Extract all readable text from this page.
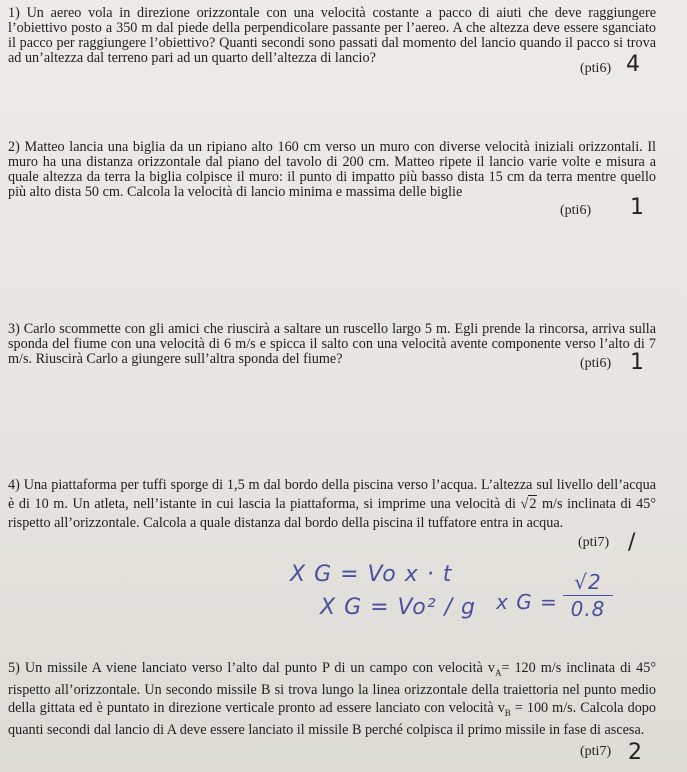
1) Un aereo vola in direzione orizzontale con una velocità costante a pacco di aiuti che deve raggiungere l’obiettivo posto a 350 m dal piede della perpendicolare passante per l’aereo. A che altezza deve essere sganciato il pacco per raggiungere l’obiettivo? Quanti secondi sono passati dal momento del lancio quando il pacco si trova ad un’altezza dal terreno pari ad un quarto dell’altezza di lancio?

(pti6) 4

2) Matteo lancia una biglia da un ripiano alto 160 cm verso un muro con diverse velocità iniziali orizzontali. Il muro ha una distanza orizzontale dal piano del tavolo di 200 cm. Matteo ripete il lancio varie volte e misura a quale altezza da terra la biglia colpisce il muro: il punto di impatto più basso dista 15 cm da terra mentre quello più alto dista 50 cm. Calcola la velocità di lancio minima e massima delle biglie

(pti6) 1

3) Carlo scommette con gli amici che riuscirà a saltare un ruscello largo 5 m. Egli prende la rincorsa, arriva sulla sponda del fiume con una velocità di 6 m/s e spicca il salto con una velocità avente componente verso l’alto di 7 m/s. Riuscirà Carlo a giungere sull’altra sponda del fiume?	(pti6) 1

4) Una piattaforma per tuffi sporge di 1,5 m dal bordo della piscina verso l’acqua. L’altezza sul livello dell’acqua è di 10 m. Un atleta, nell’istante in cui lascia la piattaforma, si imprime una velocità di √2 m/s inclinata di 45° rispetto all’orizzontale. Calcola a quale distanza dal bordo della piscina il tuffatore entra in acqua.

(pti7) /
X G = Vo x · t
X G = Vo² / g x G =
√2
0.8

5) Un missile A viene lanciato verso l’alto dal punto P di un campo con velocità $v_A= 120$ m/s inclinata di 45° rispetto all’orizzontale. Un secondo missile B si trova lungo la linea orizzontale della traiettoria nel punto medio della gittata ed è puntato in direzione verticale pronto ad essere lanciato con velocità $v_B = 100$ m/s. Calcola dopo quanti secondi dal lancio di A deve essere lanciato il missile B perché colpisca il primo missile in fase di ascesa.

(pti7) 2
